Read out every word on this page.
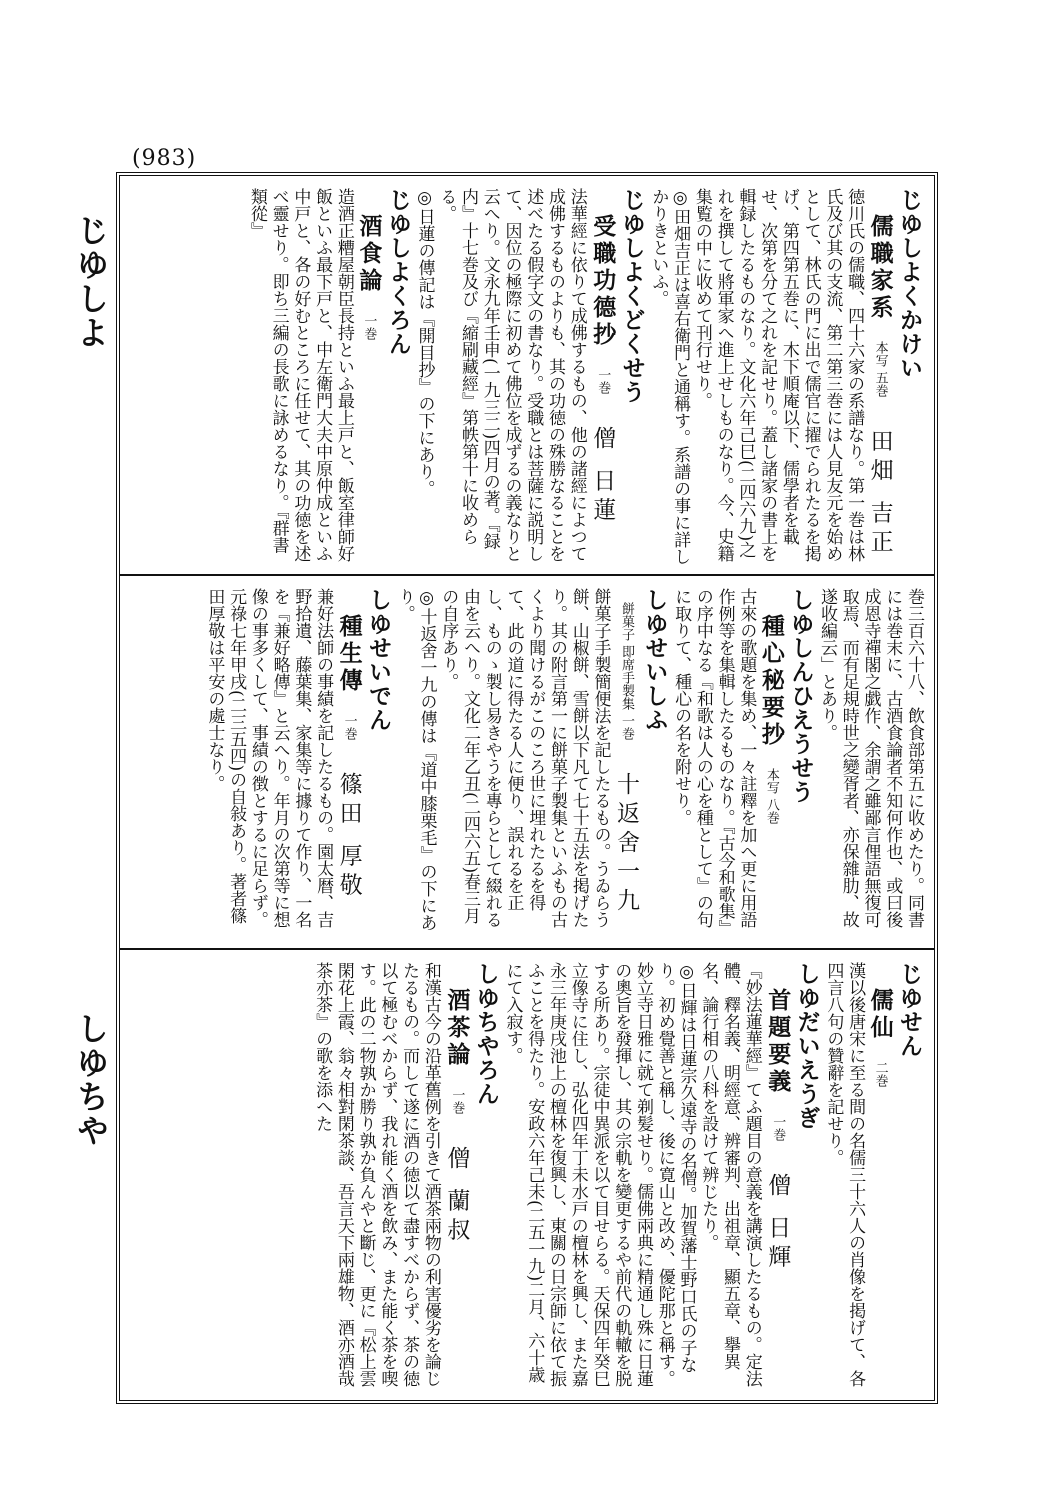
(983)
じゆしよ
しゆちや
じゆしよくかけい
儒職家系 本写 五巻 田畑 吉正
徳川氏の儒職、四十六家の系譜なり。第一巻は林氏及び其の支流、第二第三巻には人見友元を始めとして、林氏の門に出で儒官に擢でられたるを掲げ、第四第五巻に、木下順庵以下、儒學者を載せ、次第を分て之れを記せり。蓋し諸家の書上を輯録したるものなり。文化六年己巳(二四六九)之れを撰して將軍家へ進上せしものなり。今、史籍集覧の中に收めて刊行せり。
◎田畑吉正は喜右衛門と通稱す。系譜の事に詳しかりきといふ。
じゆしよくどくせう
受職功德抄 一巻 僧 日蓮
法華經に依りて成佛するもの、他の諸經によつて成佛するものよりも、其の功徳の殊勝なることを述べたる假字文の書なり。受職とは菩薩に説明して、因位の極際に初めて佛位を成ずるの義なりと云へり。文永九年壬申(一九三二)四月の著。『録内』十七巻及び『縮刷藏經』第帙第十に收めらる。
◎日蓮の傳記は『開目抄』の下にあり。
じゆしよくろん
酒食論 一巻
造酒正糟屋朝臣長持といふ最上戸と、飯室律師好飯といふ最下戸と、中左衛門大夫中原仲成といふ中戸と、各の好むところに任せて、其の功徳を述べ靈せり。即ち三編の長歌に詠めるなり。『群書類從』
巻三百六十八、飲食部第五に收めたり。同書には巻末に、古酒食論者不知何作也、或曰後成恩寺禪閣之戯作、余謂之雖鄙言俚語無復可取焉、而有足規時世之變胥者、亦保雜肋、故遂收編云」とあり。
しゆしんひえうせう
種心秘要抄 本写 八巻
古來の歌題を集め、一々註釋を加へ更に用語作例等を集輯したるものなり。『古今和歌集』の序中なる『和歌は人の心を種として』の句に取りて、種心の名を附せり。
しゆせいしふ
餅菓子 即席手製集 一巻 十返舍一九
餅菓子手製簡便法を記したるもの。うゐらう餅、山椒餅、雪餅以下凡て七十五法を掲げたり。其の附言第一に餅菓子製集といふもの古くより聞けるがこのころ世に埋れたるを得て、此の道に得たる人に便り、誤れるを正し、ものゝ製し易きやうを專らとして綴れる由を云へり。文化二年乙丑(二四六五)春三月の自序あり。
◎十返舍一九の傳は『道中膝栗毛』の下にあり。
しゆせいでん
種生傳 一巻 篠田 厚敬
兼好法師の事績を記したるもの。園太暦、吉野拾遺、藤葉集、家集等に據りて作り、一名を『兼好略傳』と云へり。年月の次第等に想像の事多くして、事績の徴とするに足らず。元祿七年甲戌(二三五四)の自敍あり。著者篠田厚敬は平安の處士なり。
じゆせん
儒仙 二巻
漢以後唐宋に至る間の名儒三十六人の肖像を掲げて、各四言八句の贊辭を記せり。
しゆだいえうぎ
首題要義 一巻 僧 日輝
『妙法蓮華經』てふ題目の意義を講演したるもの。定法體、釋名義、明經意、辨審判、出祖章、顯五章、擧異名、論行相の八科を設けて辨じたり。
◎日輝は日蓮宗久遠寺の名僧。加賀藩士野口氏の子なり。初め覺善と稱し、後に寛山と改め、優陀那と稱す。妙立寺日雅に就て剃髪せり。儒佛兩典に精通し殊に日蓮の奧旨を發揮し、其の宗軌を變更するや前代の軌轍を脱する所あり。宗徒中異派を以て目せらる。天保四年癸巳立像寺に住し、弘化四年丁未水戸の檀林を興し、また嘉永三年庚戌池上の檀林を復興し、東關の日宗師に依て振ふことを得たり。安政六年己未(二五一九)二月、六十歳にて入寂す。
しゆちやろん
酒茶論 一巻 僧 蘭叔
和漢古今の沿革舊例を引きて酒茶兩物の利害優劣を論じたるもの。而して遂に酒の徳以て盡すべからず、茶の徳以て極むべからず、我れ能く酒を飲み、また能く茶を喫す。此の二物孰か勝り孰か負んやと斷じ、更に『松上雲閑花上霞、翁々相對閑茶談、吾言天下兩雄物、酒亦酒哉茶亦茶』の歌を添へた
